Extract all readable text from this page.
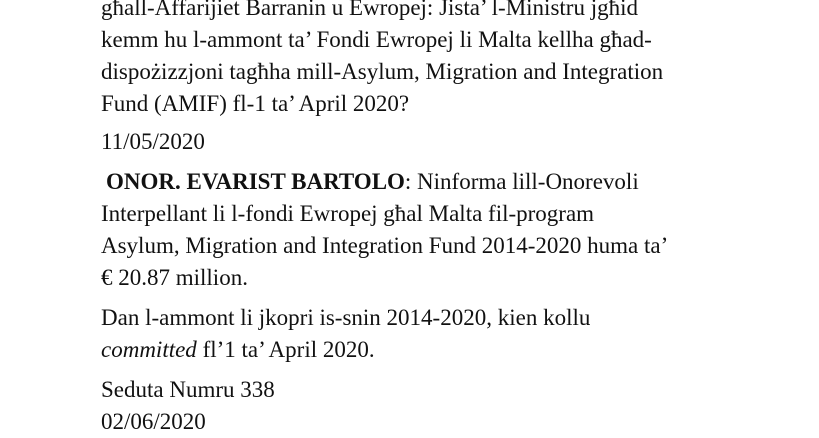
għall-Affarijiet Barranin u Ewropej: Jista’ l-Ministru jgħid
kemm hu l-ammont ta’ Fondi Ewropej li Malta kellha għad-
dispożizzjoni tagħha mill-Asylum, Migration and Integration
Fund (AMIF) fl-1 ta’ April 2020?

11/05/2020

ONOR. EVARIST BARTOLO: Ninforma lill-Onorevoli
Interpellant li l-fondi Ewropej għal Malta fil-program
Asylum, Migration and Integration Fund 2014-2020 huma ta’
€ 20.87 million.

Dan l-ammont li jkopri is-snin 2014-2020, kien kollu
committed fl’1 ta’ April 2020.

Seduta Numru 338
02/06/2020
